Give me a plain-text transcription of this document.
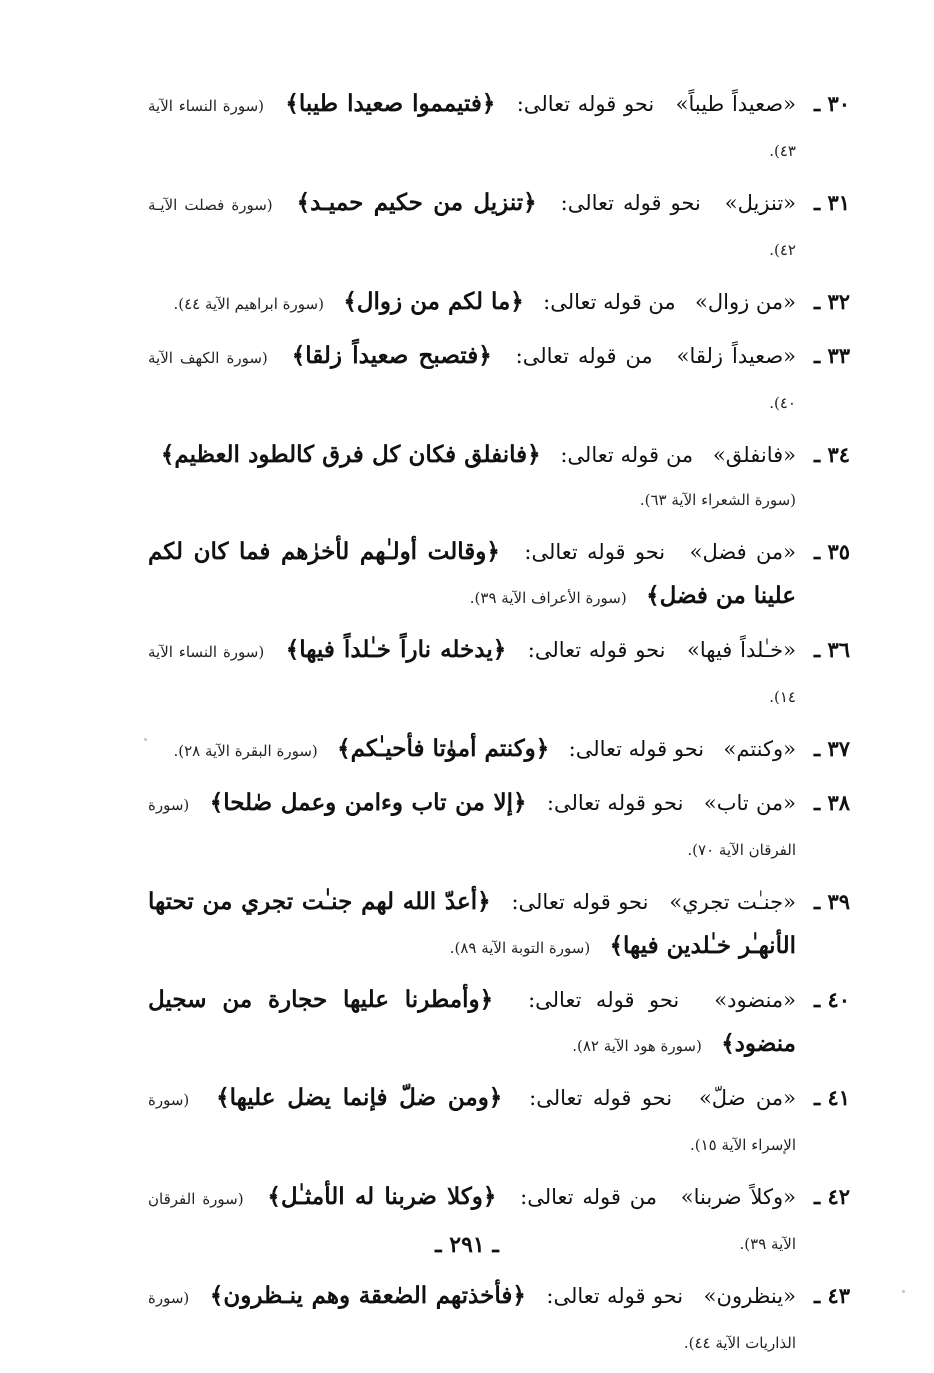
٣٠ ـ
«صعيداً طيباً»  نحو قوله تعالى:  ﴿فتيمموا صعيدا طيبا﴾  (سورة النساء الآية ٤٣).

٣١ ـ
«تنزيل»  نحو قوله تعالى:  ﴿تنزيل من حكيم حميـد﴾  (سورة فصلت الآيـة ٤٢).

٣٢ ـ
«من زوال»  من قوله تعالى:  ﴿ما لكم من زوال﴾  (سورة ابراهيم الآية ٤٤).

٣٣ ـ
«صعيداً زلقا»  من قوله تعالى:  ﴿فتصبح صعيداً زلقا﴾  (سورة الكهف الآية ٤٠).

٣٤ ـ
«فانفلق»  من قوله تعالى:  ﴿فانفلق فكان كل فرق كالطود العظيم﴾  (سورة الشعراء الآية ٦٣).

٣٥ ـ
«من فضل»  نحو قوله تعالى:  ﴿وقالت أولـٰهم لأخرٰهم فما كان لكم علينا من فضل﴾  (سورة الأعراف الآية ٣٩).

٣٦ ـ
«خـٰلداً فيها»  نحو قوله تعالى:  ﴿يدخله ناراً خـٰلداً فيها﴾  (سورة النساء الآية ١٤).

٣٧ ـ
«وكنتم»  نحو قوله تعالى:  ﴿وكنتم أموٰتا فأحيـٰكم﴾  (سورة البقرة الآية ٢٨).

٣٨ ـ
«من تاب»  نحو قوله تعالى:  ﴿إلا من تاب وءامن وعمل صٰلحا﴾  (سورة الفرقان الآية ٧٠).

٣٩ ـ
«جنـٰت تجري»  نحو قوله تعالى:  ﴿أعدّ الله لهم جنـٰت تجري من تحتها الأنهـٰر خـٰلدين فيها﴾  (سورة التوبة الآية ٨٩).

٤٠ ـ
«منضود»  نحو قوله تعالى:  ﴿وأمطرنا عليها حجارة من سجيل منضود﴾  (سورة هود الآية ٨٢).

٤١ ـ
«من ضلّ»  نحو قوله تعالى:  ﴿ومن ضلّ فإنما يضل عليها﴾  (سورة الإسراء الآية ١٥).

٤٢ ـ
«وكلاً ضربنا»  من قوله تعالى:  ﴿وكلا ضربنا له الأمثـٰل﴾  (سورة الفرقان الآية ٣٩).

٤٣ ـ
«ينظرون»  نحو قوله تعالى:  ﴿فأخذتهم الصٰعقة وهم ينـظرون﴾  (سورة الذاريات الآية ٤٤).

ـ ٢٩١ ـ
